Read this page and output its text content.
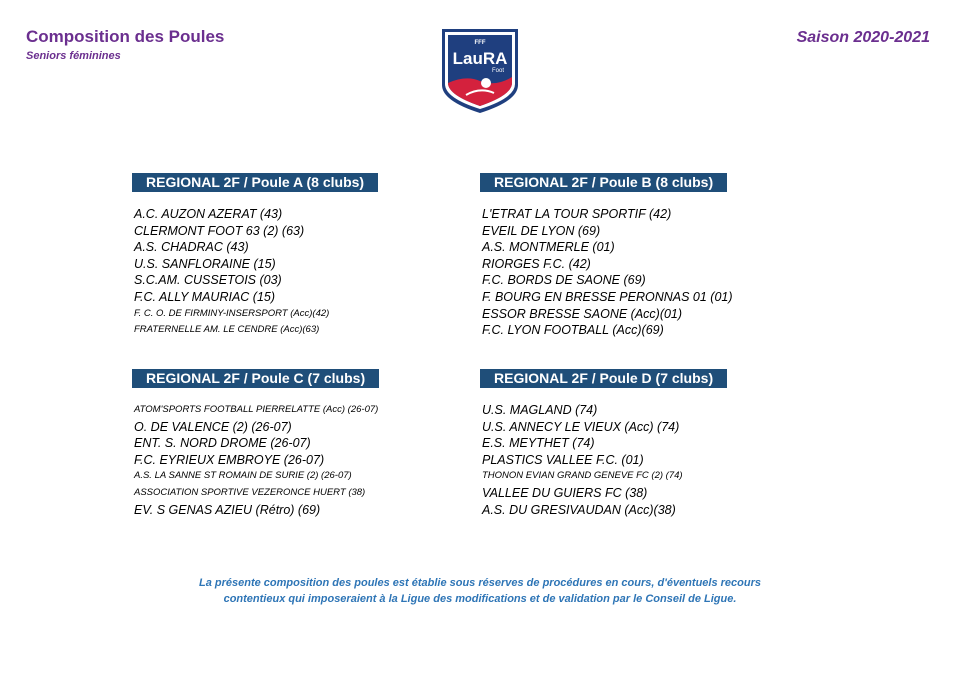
Composition des Poules
Seniors féminines
Saison 2020-2021
FFF
LauRA
Foot
REGIONAL 2F / Poule A (8 clubs)
A.C. AUZON AZERAT (43)
CLERMONT FOOT 63 (2) (63)
A.S. CHADRAC (43)
U.S. SANFLORAINE (15)
S.C.AM. CUSSETOIS (03)
F.C. ALLY MAURIAC (15)
F. C. O. DE FIRMINY-INSERSPORT (Acc)(42)
FRATERNELLE AM. LE CENDRE (Acc)(63)
REGIONAL 2F / Poule B (8 clubs)
L'ETRAT LA TOUR SPORTIF (42)
EVEIL DE LYON (69)
A.S. MONTMERLE (01)
RIORGES F.C. (42)
F.C. BORDS DE SAONE (69)
F. BOURG EN BRESSE PERONNAS 01 (01)
ESSOR BRESSE SAONE (Acc)(01)
F.C. LYON FOOTBALL (Acc)(69)
REGIONAL 2F / Poule C (7 clubs)
ATOM'SPORTS FOOTBALL PIERRELATTE (Acc) (26-07)
O. DE VALENCE (2) (26-07)
ENT. S. NORD DROME (26-07)
F.C. EYRIEUX EMBROYE (26-07)
A.S. LA SANNE ST ROMAIN DE SURIE (2) (26-07)
ASSOCIATION SPORTIVE VEZERONCE HUERT (38)
EV. S GENAS AZIEU (Rétro) (69)
REGIONAL 2F / Poule D (7 clubs)
U.S. MAGLAND (74)
U.S. ANNECY LE VIEUX (Acc) (74)
E.S. MEYTHET (74)
PLASTICS VALLEE F.C. (01)
THONON EVIAN GRAND GENEVE FC (2) (74)
VALLEE DU GUIERS FC (38)
A.S. DU GRESIVAUDAN (Acc)(38)
La présente composition des poules est établie sous réserves de procédures en cours, d'éventuels recours
contentieux qui imposeraient à la Ligue des modifications et de validation par le Conseil de Ligue.
